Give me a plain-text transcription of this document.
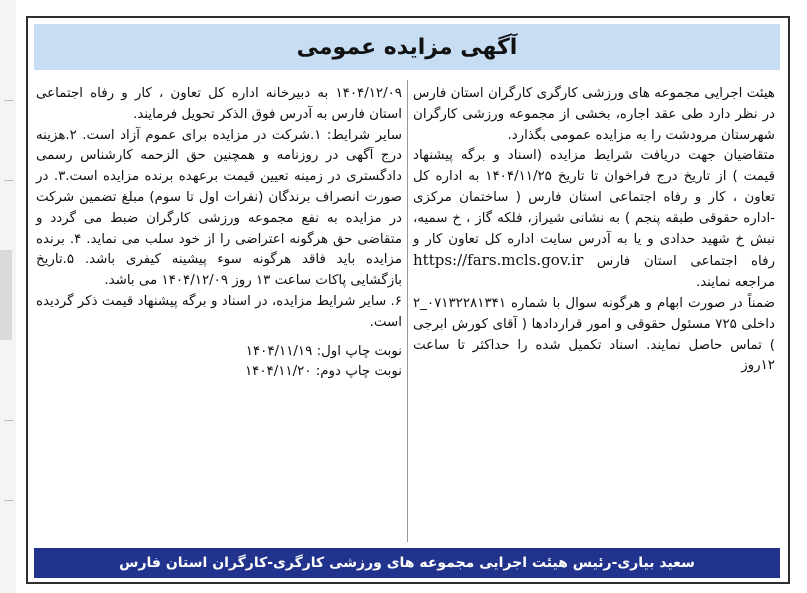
آگهی مزایده عمومی

هیئت اجرایی مجموعه های ورزشی کارگری کارگران استان فارس در نظر دارد طی عقد اجاره، بخشی از مجموعه ورزشی کارگران شهرستان مرودشت را به مزایده عمومی بگذارد.

متقاضیان جهت دریافت شرایط مزایده (اسناد و برگه پیشنهاد قیمت ) از تاریخ درج فراخوان تا تاریخ ۱۴۰۴/۱۱/۲۵ به اداره کل تعاون ، کار و رفاه اجتماعی استان فارس ( ساختمان مرکزی -اداره حقوقی طبقه پنجم ) به نشانی شیراز، فلکه گاز ، خ سمیه، نبش خ شهید حدادی و یا به آدرس سایت اداره کل تعاون کار و رفاه اجتماعی استان فارس https://fars.mcls.gov.ir مراجعه نمایند.

ضمناً در صورت ابهام و هرگونه سوال با شماره ۰۷۱۳۲۲۸۱۳۴۱_۲ داخلی ۷۲۵ مسئول حقوقی و امور قراردادها ( آقای کورش ابرجی ) تماس حاصل نمایند. اسناد تکمیل شده را حداکثر تا ساعت ۱۲روز

۱۴۰۴/۱۲/۰۹ به دبیرخانه اداره کل تعاون ، کار و رفاه اجتماعی استان فارس به آدرس فوق الذکر تحویل فرمایند.

سایر شرایط: ۱.شرکت در مزایده برای عموم آزاد است. ۲.هزینه درج آگهی در روزنامه و همچنین حق الزحمه کارشناس رسمی دادگستری در زمینه تعیین قیمت برعهده برنده مزایده است.۳. در صورت انصراف برندگان (نفرات اول تا سوم) مبلغ تضمین شرکت در مزایده به نفع مجموعه ورزشی کارگران ضبط می گردد و متقاضی حق هرگونه اعتراضی را از خود سلب می نماید. ۴. برنده مزایده باید فاقد هرگونه سوء پیشینه کیفری باشد. ۵.تاریخ بازگشایی پاکات ساعت ۱۳ روز ۱۴۰۴/۱۲/۰۹ می باشد.

۶. سایر شرایط مزایده، در اسناد و برگه پیشنهاد قیمت ذکر گردیده است.

نوبت چاپ اول: ۱۴۰۴/۱۱/۱۹

نوبت چاپ دوم: ۱۴۰۴/۱۱/۲۰

سعید بیاری-رئیس هیئت اجرایی مجموعه های ورزشی کارگری-کارگران استان فارس
